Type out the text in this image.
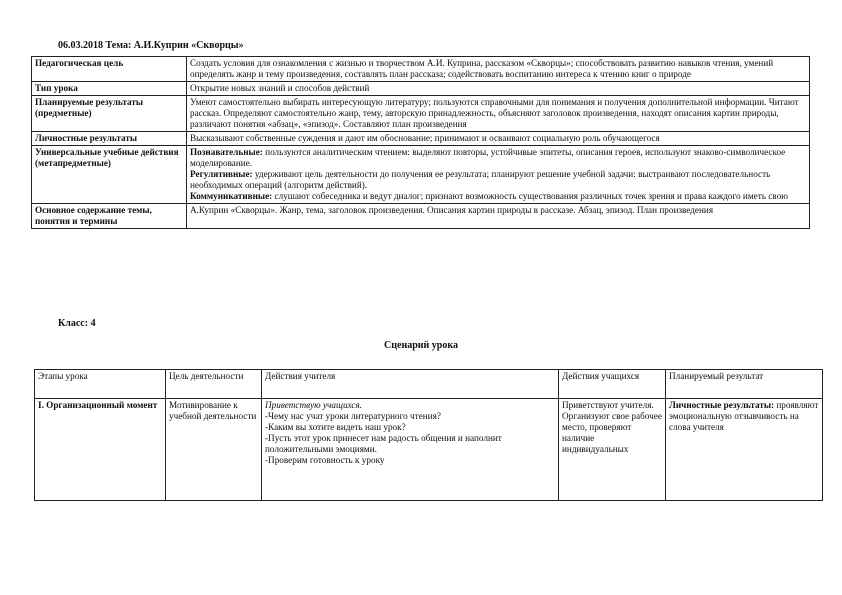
06.03.2018 Тема: А.И.Куприн «Скворцы»
Педагогическая цель	Создать условия для ознакомления с жизнью и творчеством А.И. Куприна, рассказом «Скворцы»; способствовать развитию навыков чтения, умений определять жанр и тему произведения, составлять план рассказа; содействовать воспитанию интереса к чтению книг о природе
Тип урока	Открытие новых знаний и способов действий
Планируемые результаты (предметные)	Умеют самостоятельно выбирать интересующую литературу; пользуются справочными для понимания и получения дополнительной информации. Читают рассказ. Определяют самостоятельно жанр, тему, авторскую принадлежность, объясняют заголовок произведения, находят описания картин природы, различают понятия «абзац», «эпизод». Составляют план произведения
Личностные результаты	Высказывают собственные суждения и дают им обоснование; принимают и осваивают социальную роль обучающегося
Универсальные учебные действия (метапредметные)	Познавательные: пользуются аналитическим чтением: выделяют повторы, устойчивые эпитеты, описания героев, используют знаково-символическое моделирование.
Регулятивные: удерживают цель деятельности до получения ее результата; планируют решение учебной задачи: выстраивают последовательность необходимых операций (алгоритм действий).
Коммуникативные: слушают собеседника и ведут диалог; признают возможность существования различных точек зрения и права каждого иметь свою

Основное содержание темы, понятия и термины	А.Куприн «Скворцы». Жанр, тема, заголовок произведения. Описания картин природы в рассказе. Абзац, эпизод. План произведения
Класс: 4
Сценарий урока
Этапы урока	Цель деятельности	Действия учителя	Действия учащихся	Планируемый результат
I. Организационный момент	Мотивирование к учебной деятельности	Приветствую учащихся.
-Чему нас учат уроки литературного чтения?
-Каким вы хотите видеть наш урок?
-Пусть этот урок принесет нам радость общения и наполнит положительными эмоциями.
-Проверим готовность к уроку	Приветствуют учителя. Организуют свое рабочее место, проверяют наличие индивидуальных	Личностные результаты: проявляют эмоциональную отзывчивость на слова учителя
